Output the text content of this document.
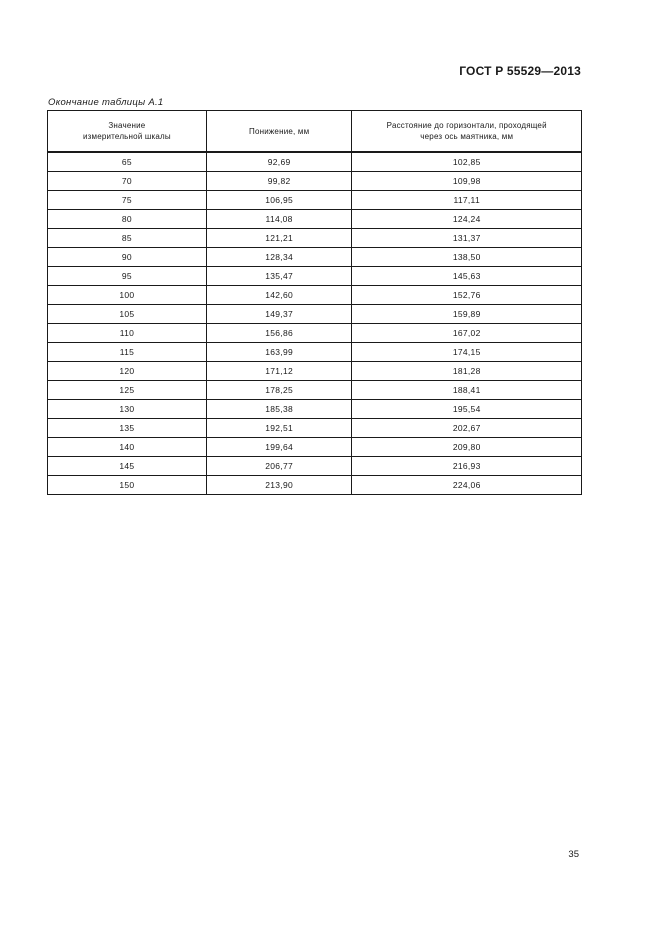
ГОСТ Р 55529—2013
Окончание таблицы А.1
Значение измерительной шкалы	Понижение, мм	Расстояние до горизонтали, проходящей через ось маятника, мм
65	92,69	102,85
70	99,82	109,98
75	106,95	117,11
80	114,08	124,24
85	121,21	131,37
90	128,34	138,50
95	135,47	145,63
100	142,60	152,76
105	149,37	159,89
110	156,86	167,02
115	163,99	174,15
120	171,12	181,28
125	178,25	188,41
130	185,38	195,54
135	192,51	202,67
140	199,64	209,80
145	206,77	216,93
150	213,90	224,06
35
